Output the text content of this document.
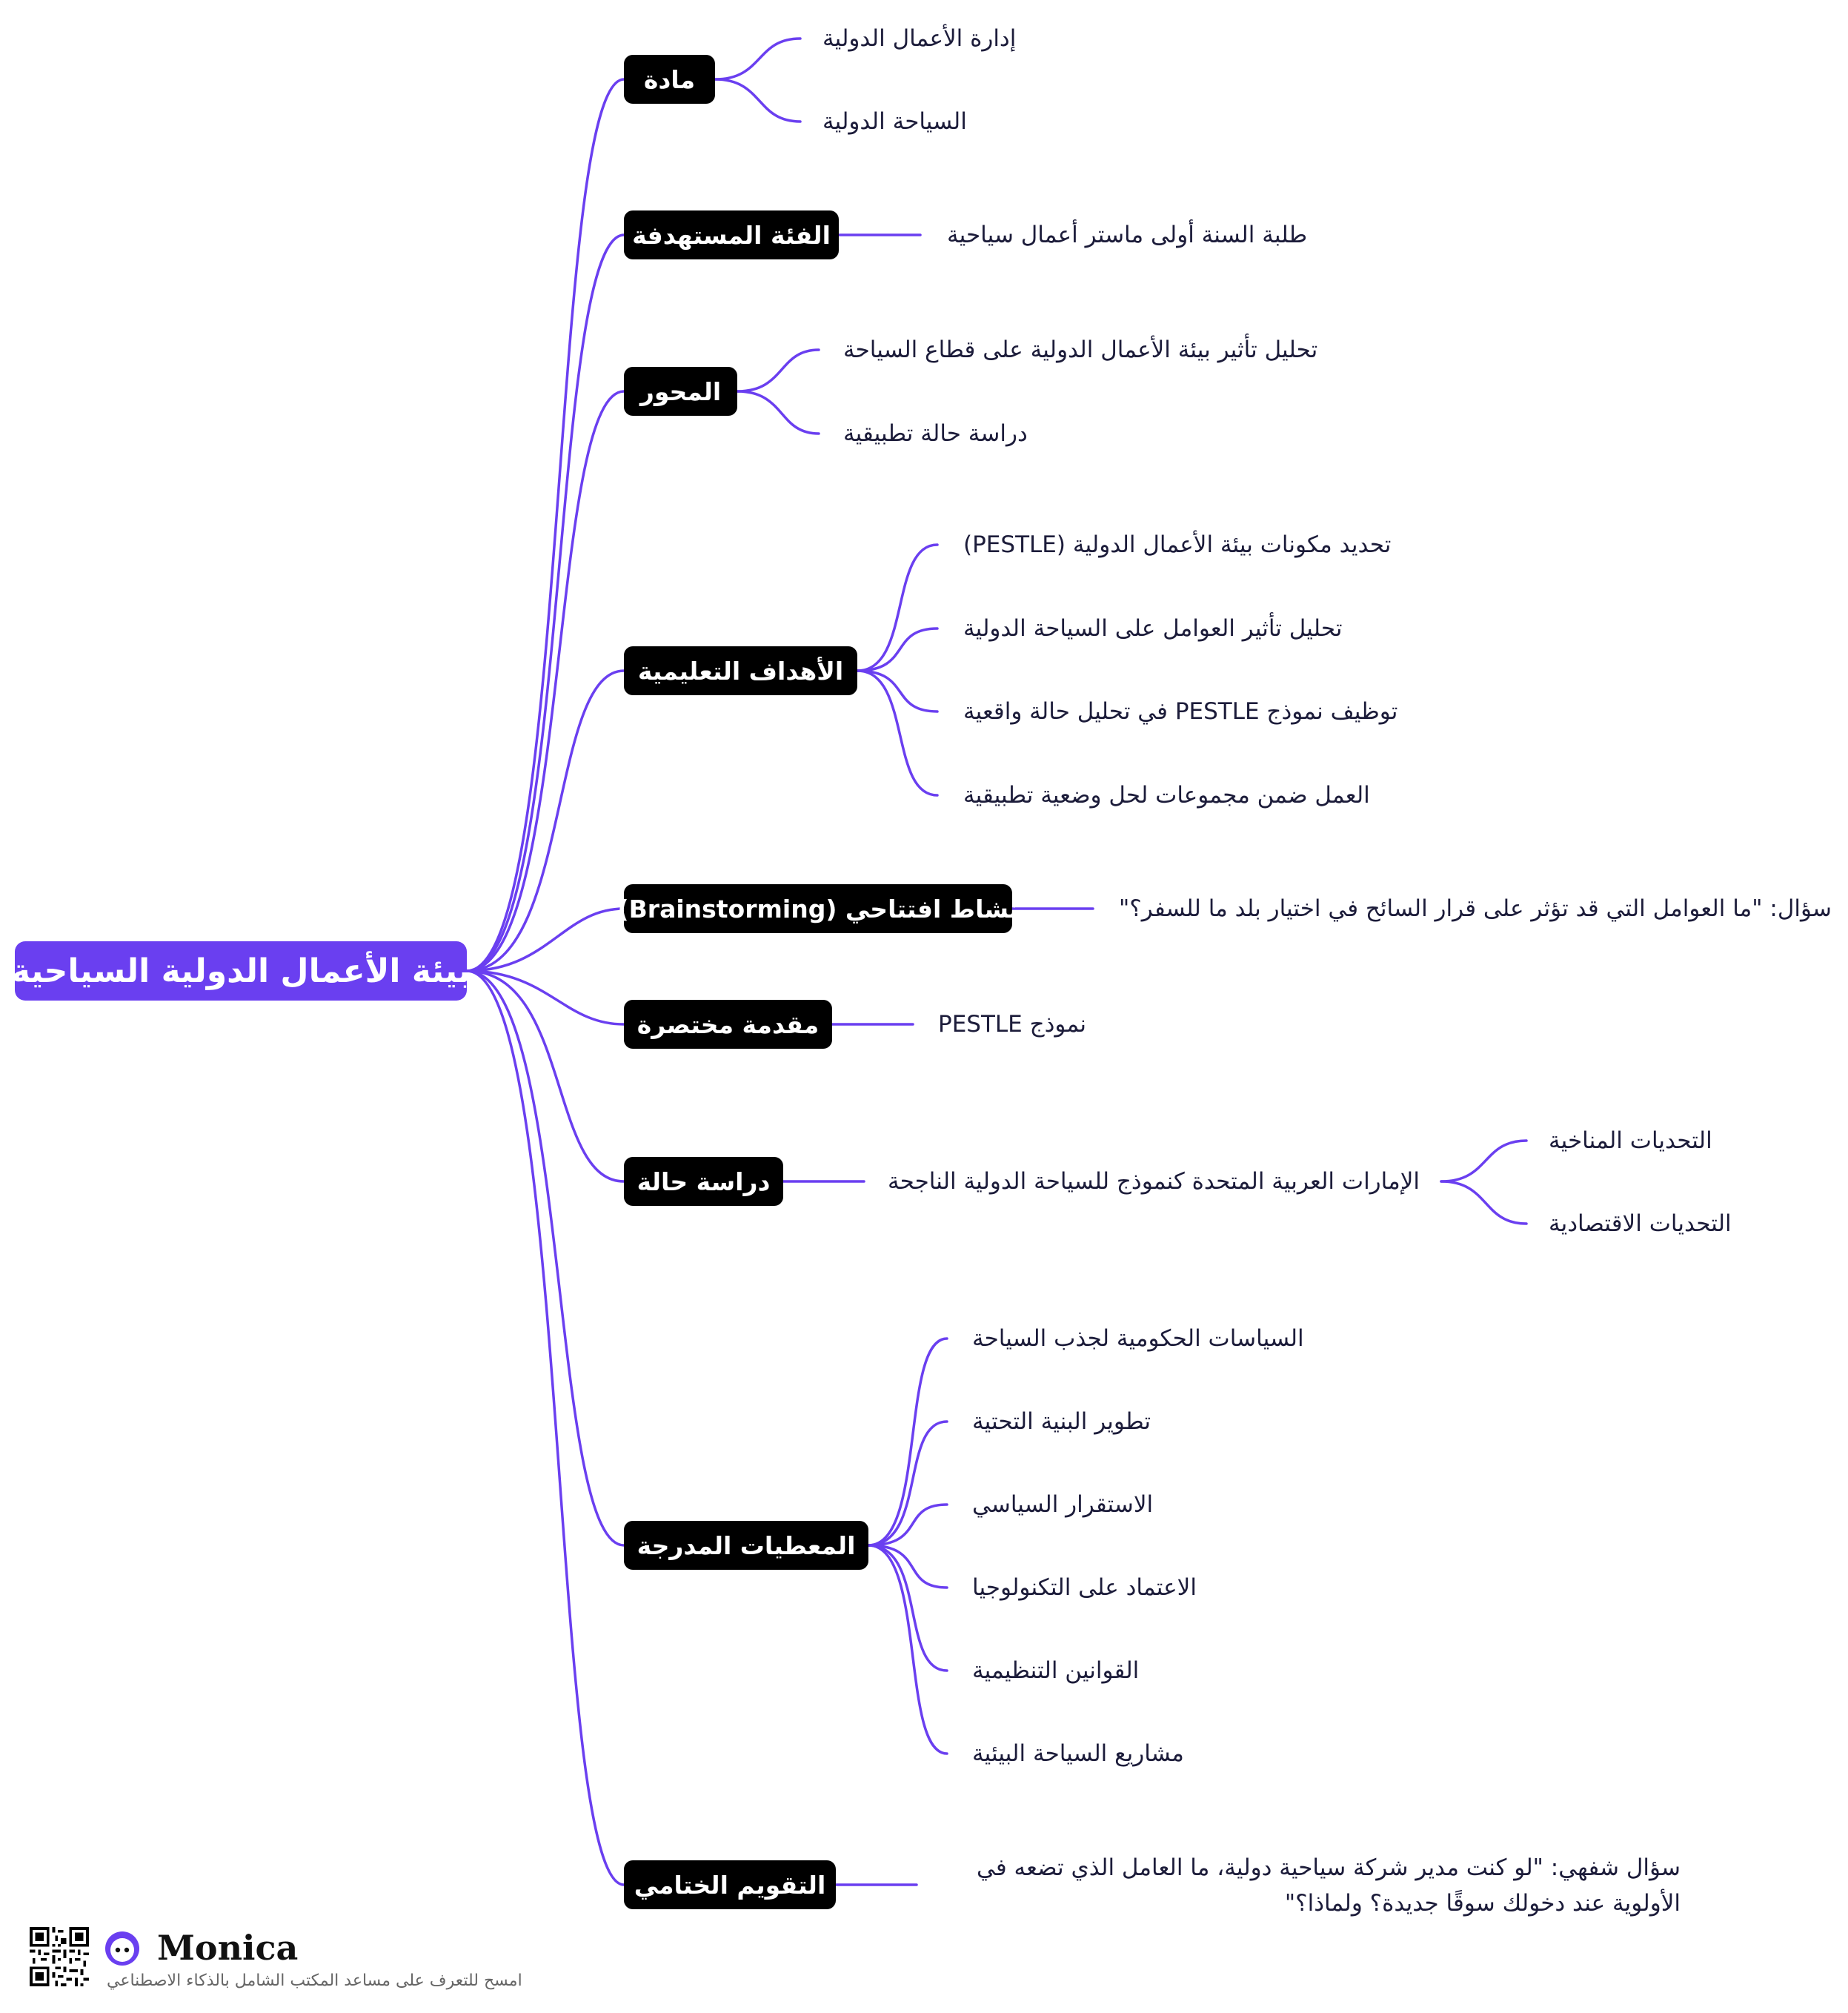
بيئة الأعمال الدولية السياحية
مادة
الفئة المستهدفة
المحور
الأهداف التعليمية
نشاط افتتاحي (Brainstorming)
مقدمة مختصرة
دراسة حالة
المعطيات المدرجة
التقويم الختامي
إدارة الأعمال الدولية
السياحة الدولية
طلبة السنة أولى ماستر أعمال سياحية
تحليل تأثير بيئة الأعمال الدولية على قطاع السياحة
دراسة حالة تطبيقية
تحديد مكونات بيئة الأعمال الدولية (PESTLE)
تحليل تأثير العوامل على السياحة الدولية
توظيف نموذج PESTLE في تحليل حالة واقعية
العمل ضمن مجموعات لحل وضعية تطبيقية
سؤال: "ما العوامل التي قد تؤثر على قرار السائح في اختيار بلد ما للسفر؟"
نموذج PESTLE
الإمارات العربية المتحدة كنموذج للسياحة الدولية الناجحة
التحديات المناخية
التحديات الاقتصادية
السياسات الحكومية لجذب السياحة
تطوير البنية التحتية
الاستقرار السياسي
الاعتماد على التكنولوجيا
القوانين التنظيمية
مشاريع السياحة البيئية
سؤال شفهي: "لو كنت مدير شركة سياحية دولية، ما العامل الذي تضعه في الأولوية عند دخولك سوقًا جديدة؟ ولماذا؟"
Monica
امسح للتعرف على مساعد المكتب الشامل بالذكاء الاصطناعي
